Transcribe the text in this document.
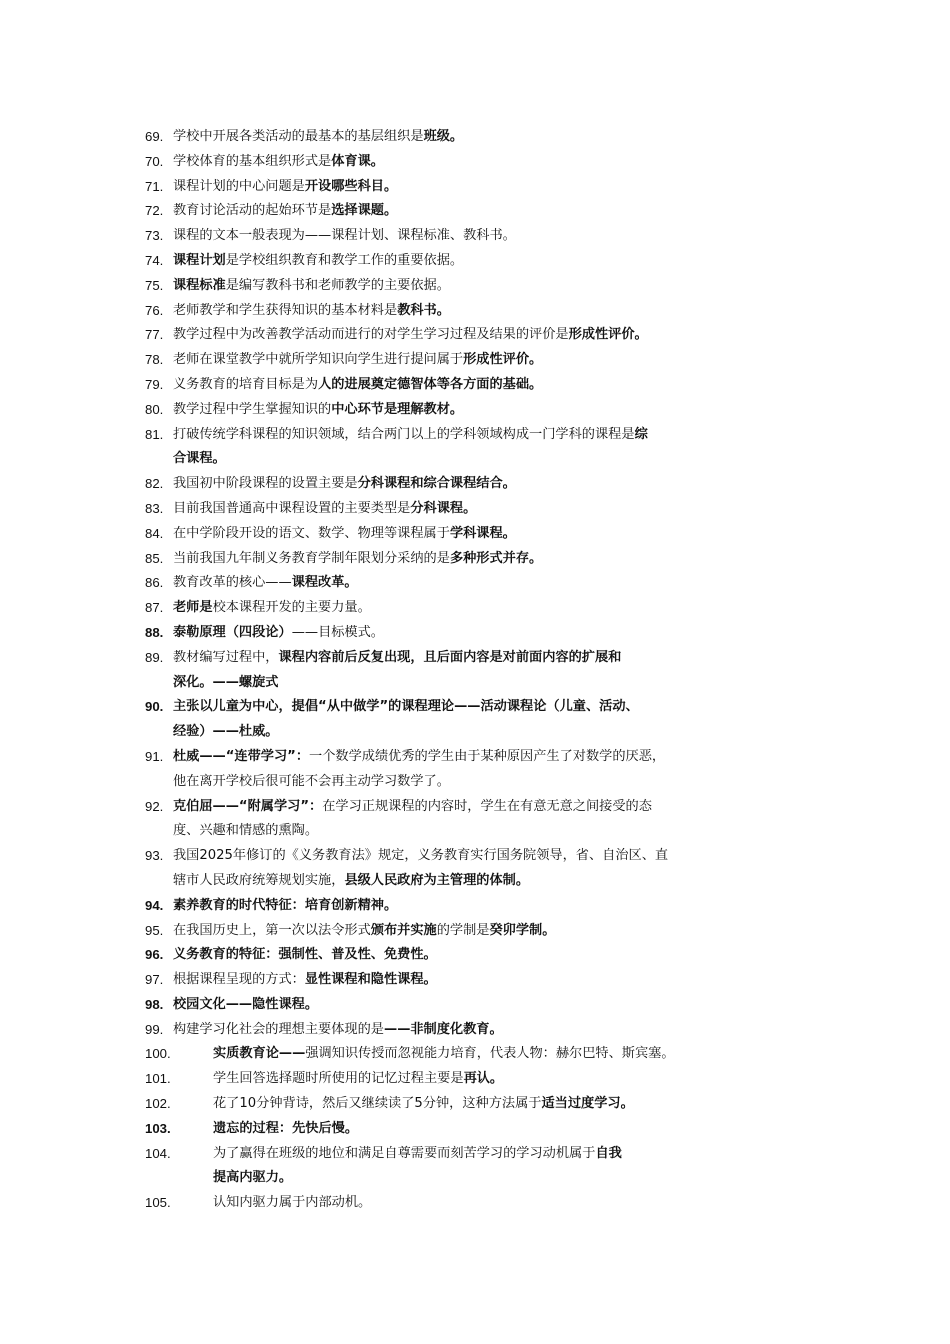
69. 学校中开展各类活动的最基本的基层组织是班级。
70. 学校体育的基本组织形式是体育课。
71. 课程计划的中心问题是开设哪些科目。
72. 教育讨论活动的起始环节是选择课题。
73. 课程的文本一般表现为——课程计划、课程标准、教科书。
74. 课程计划是学校组织教育和教学工作的重要依据。
75. 课程标准是编写教科书和老师教学的主要依据。
76. 老师教学和学生获得知识的基本材料是教科书。
77. 教学过程中为改善教学活动而进行的对学生学习过程及结果的评价是形成性评价。
78. 老师在课堂教学中就所学知识向学生进行提问属于形成性评价。
79. 义务教育的培育目标是为人的进展奠定德智体等各方面的基础。
80. 教学过程中学生掌握知识的中心环节是理解教材。
81. 打破传统学科课程的知识领域，结合两门以上的学科领域构成一门学科的课程是综
合课程。
82. 我国初中阶段课程的设置主要是分科课程和综合课程结合。
83. 目前我国普通高中课程设置的主要类型是分科课程。
84. 在中学阶段开设的语文、数学、物理等课程属于学科课程。
85. 当前我国九年制义务教育学制年限划分采纳的是多种形式并存。
86. 教育改革的核心——课程改革。
87. 老师是校本课程开发的主要力量。
88. 泰勒原理（四段论）——目标模式。
89. 教材编写过程中，课程内容前后反复出现，且后面内容是对前面内容的扩展和
深化。——螺旋式
90. 主张以儿童为中心，提倡“从中做学”的课程理论——活动课程论（儿童、活动、
经验）——杜威。
91. 杜威——“连带学习”：一个数学成绩优秀的学生由于某种原因产生了对数学的厌恶，
他在离开学校后很可能不会再主动学习数学了。
92. 克伯屈——“附属学习”：在学习正规课程的内容时，学生在有意无意之间接受的态
度、兴趣和情感的熏陶。
93. 我国2025年修订的《义务教育法》规定，义务教育实行国务院领导，省、自治区、直
辖市人民政府统筹规划实施，县级人民政府为主管理的体制。
94. 素养教育的时代特征：培育创新精神。
95. 在我国历史上，第一次以法令形式颁布并实施的学制是癸卯学制。
96. 义务教育的特征：强制性、普及性、免费性。
97. 根据课程呈现的方式：显性课程和隐性课程。
98. 校园文化——隐性课程。
99. 构建学习化社会的理想主要体现的是——非制度化教育。
100.	实质教育论——强调知识传授而忽视能力培育，代表人物：赫尔巴特、斯宾塞。
101.	学生回答选择题时所使用的记忆过程主要是再认。
102.	花了10分钟背诗，然后又继续读了5分钟，这种方法属于适当过度学习。
103.	遗忘的过程：先快后慢。
104.	为了赢得在班级的地位和满足自尊需要而刻苦学习的学习动机属于自我
提高内驱力。
105.	认知内驱力属于内部动机。
